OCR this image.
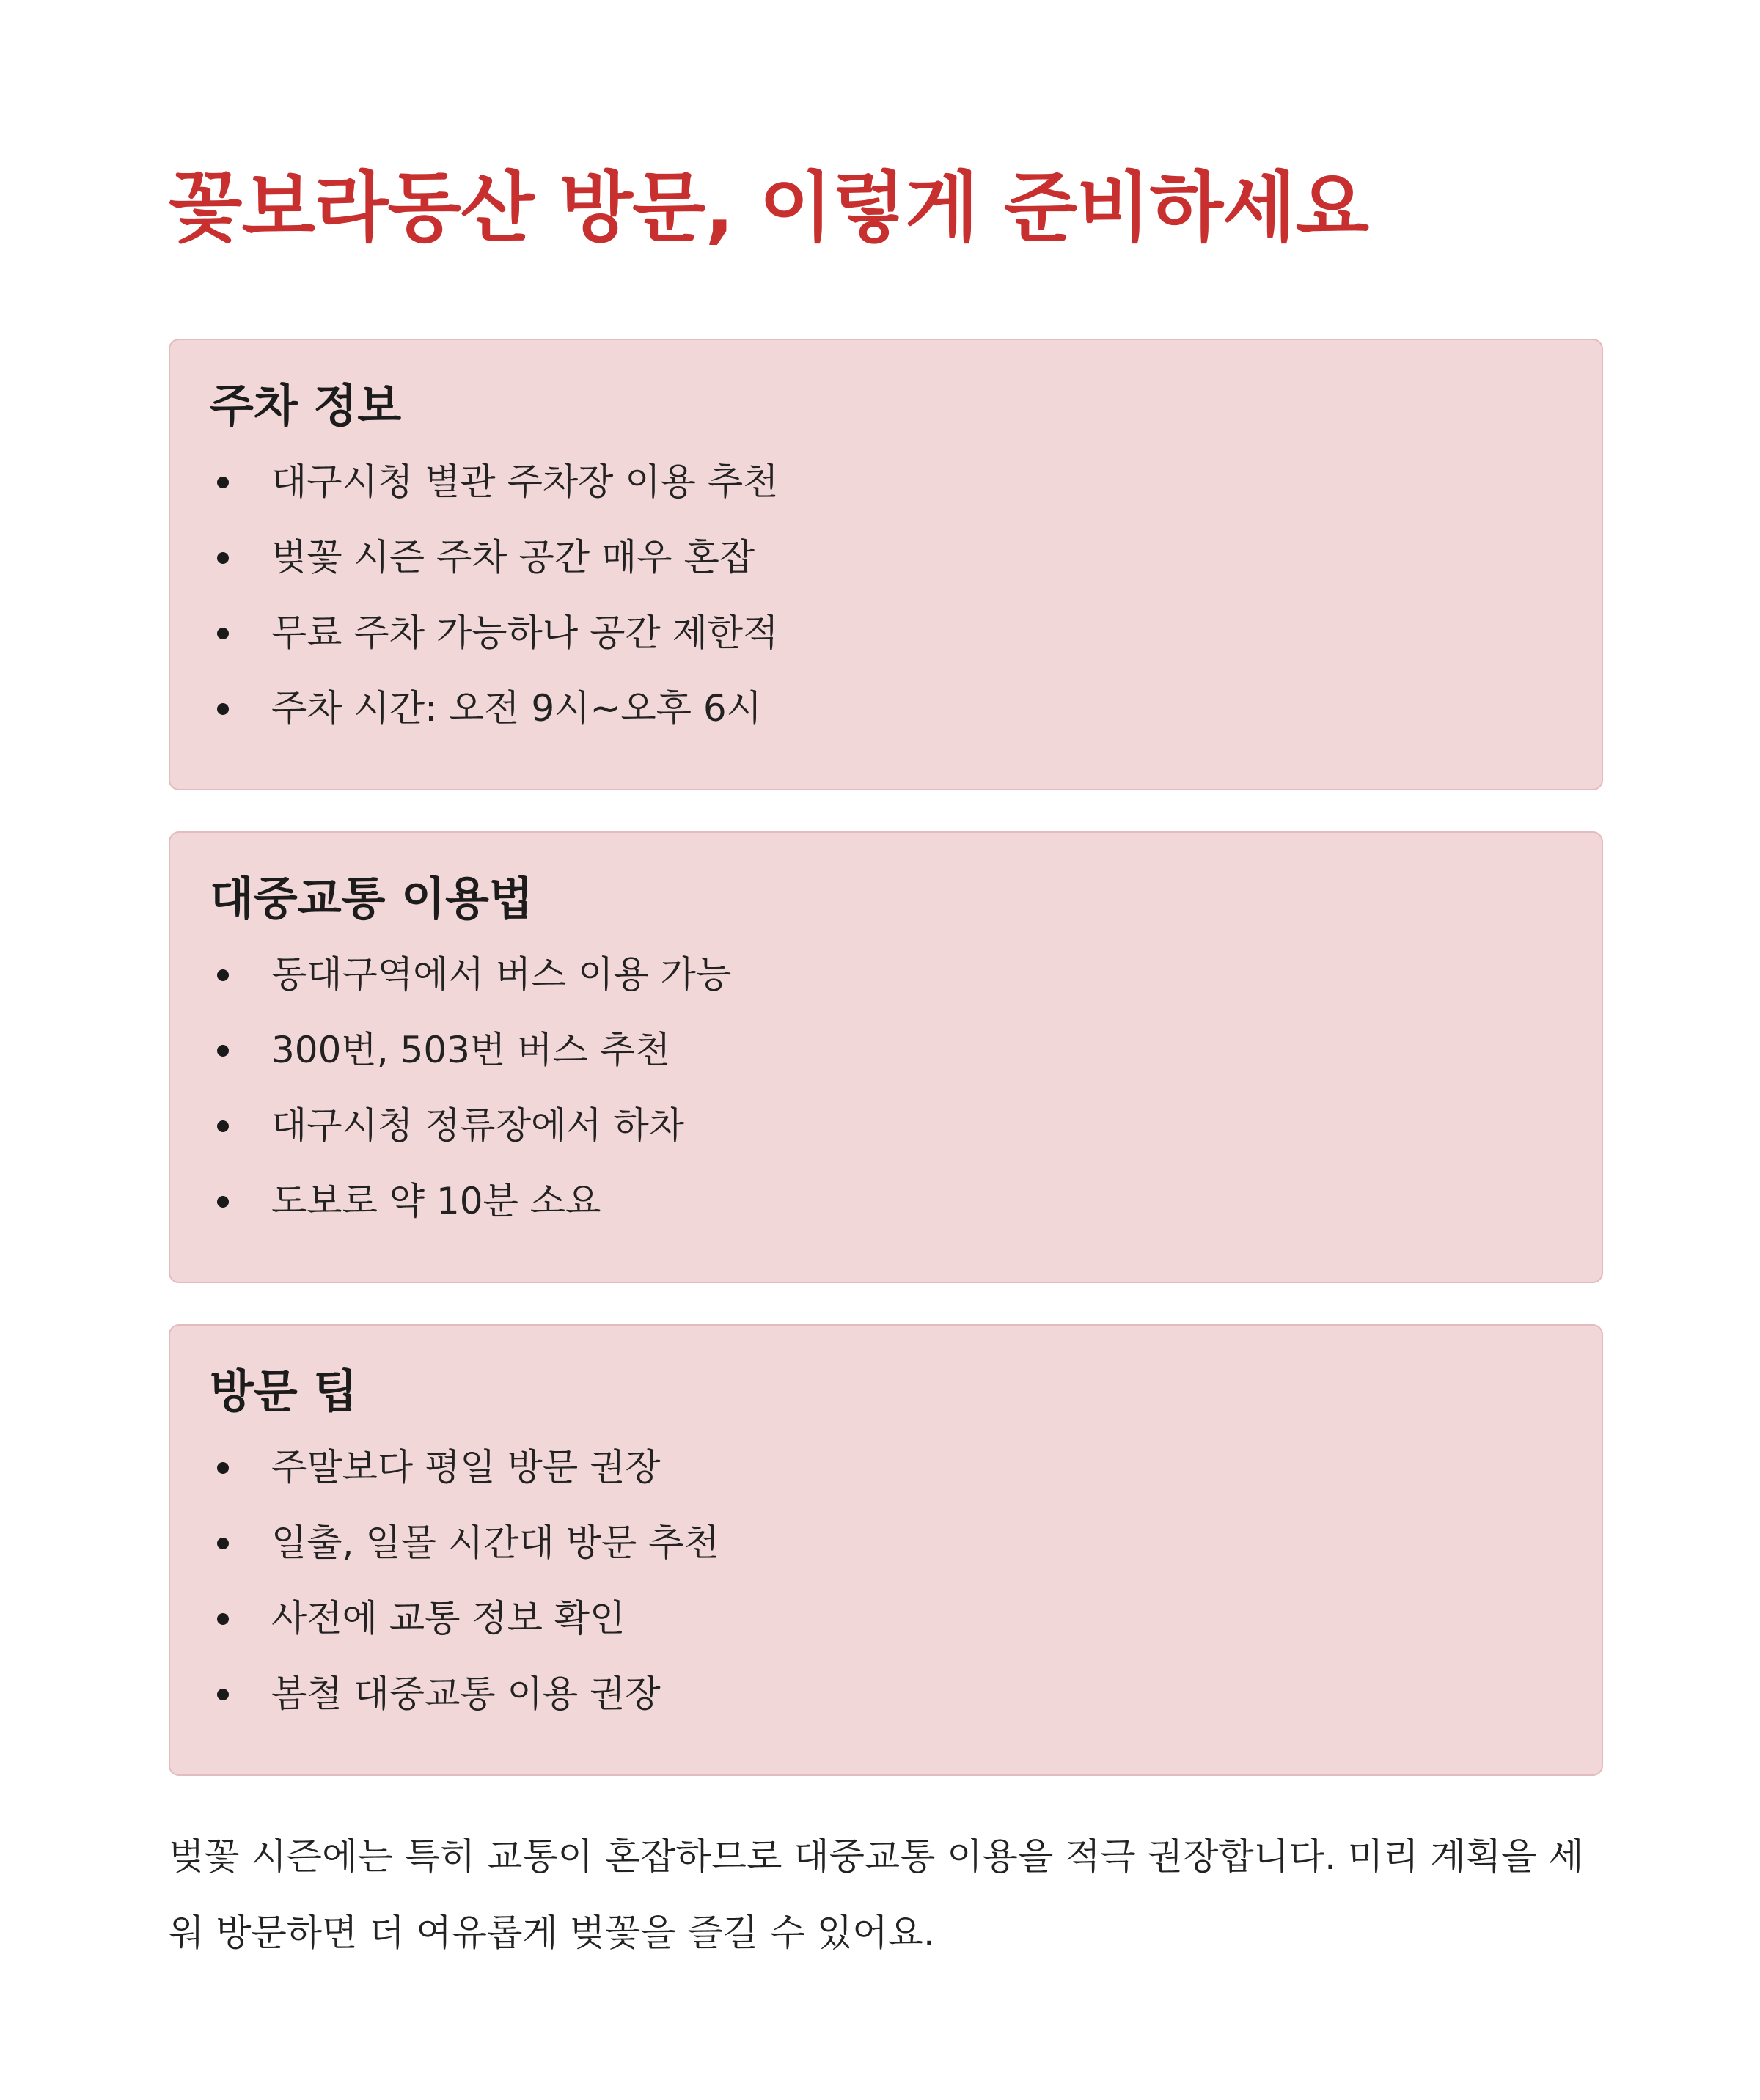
꽃보라동산 방문, 이렇게 준비하세요
주차 정보
대구시청 별관 주차장 이용 추천
벚꽃 시즌 주차 공간 매우 혼잡
무료 주차 가능하나 공간 제한적
주차 시간: 오전 9시~오후 6시
대중교통 이용법
동대구역에서 버스 이용 가능
300번, 503번 버스 추천
대구시청 정류장에서 하차
도보로 약 10분 소요
방문 팁
주말보다 평일 방문 권장
일출, 일몰 시간대 방문 추천
사전에 교통 정보 확인
봄철 대중교통 이용 권장

벚꽃 시즌에는 특히 교통이 혼잡하므로 대중교통 이용을 적극 권장합니다. 미리 계획을 세워 방문하면 더 여유롭게 벚꽃을 즐길 수 있어요.
